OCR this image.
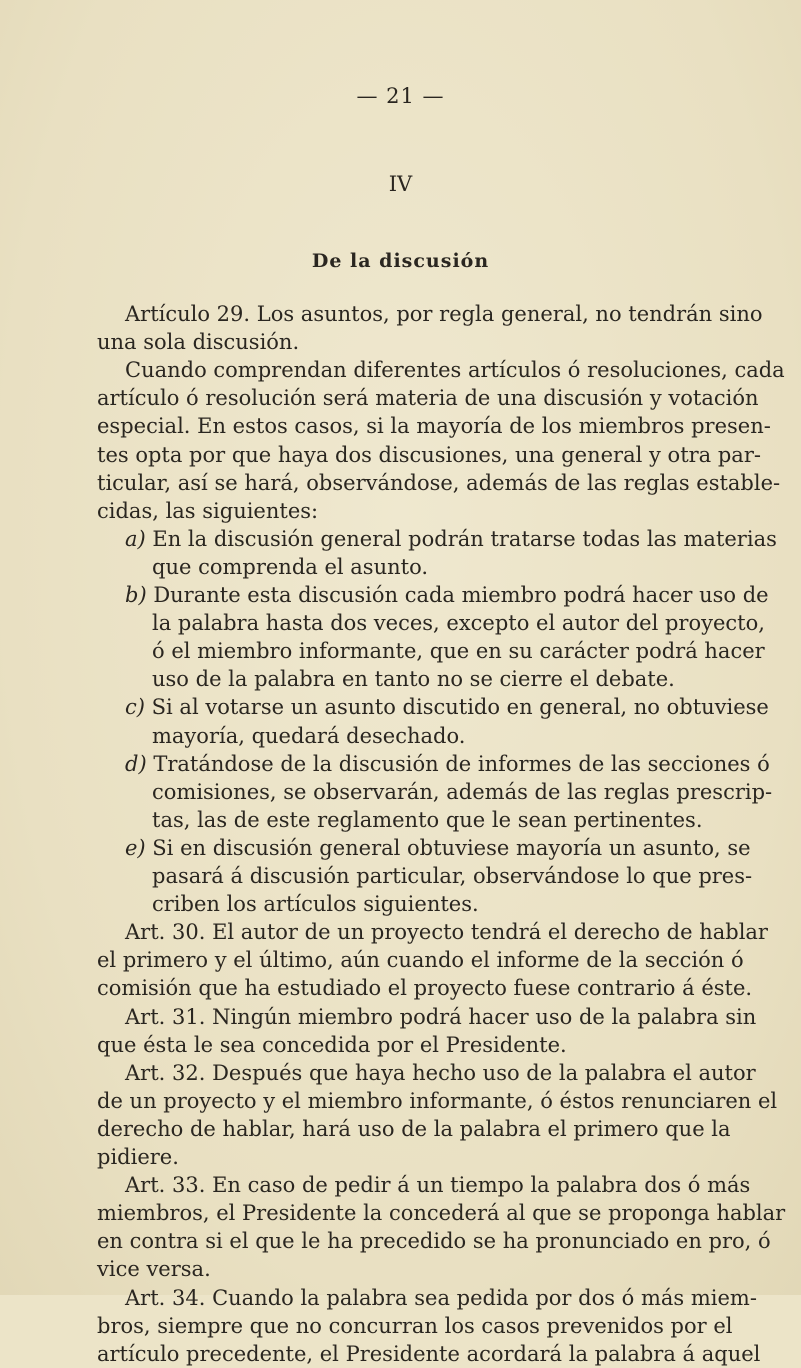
— 21 —
IV
De la discusión
Artículo 29. Los asuntos, por regla general, no tendrán sino
una sola discusión.
Cuando comprendan diferentes artículos ó resoluciones, cada
artículo ó resolución será materia de una discusión y votación
especial. En estos casos, si la mayoría de los miembros presen-
tes opta por que haya dos discusiones, una general y otra par-
ticular, así se hará, observándose, además de las reglas estable-
cidas, las siguientes:
a) En la discusión general podrán tratarse todas las materias
que comprenda el asunto.
b) Durante esta discusión cada miembro podrá hacer uso de
la palabra hasta dos veces, excepto el autor del proyecto,
ó el miembro informante, que en su carácter podrá hacer
uso de la palabra en tanto no se cierre el debate.
c) Si al votarse un asunto discutido en general, no obtuviese
mayoría, quedará desechado.
d) Tratándose de la discusión de informes de las secciones ó
comisiones, se observarán, además de las reglas prescrip-
tas, las de este reglamento que le sean pertinentes.
e) Si en discusión general obtuviese mayoría un asunto, se
pasará á discusión particular, observándose lo que pres-
criben los artículos siguientes.
Art. 30. El autor de un proyecto tendrá el derecho de hablar
el primero y el último, aún cuando el informe de la sección ó
comisión que ha estudiado el proyecto fuese contrario á éste.
Art. 31. Ningún miembro podrá hacer uso de la palabra sin
que ésta le sea concedida por el Presidente.
Art. 32. Después que haya hecho uso de la palabra el autor
de un proyecto y el miembro informante, ó éstos renunciaren el
derecho de hablar, hará uso de la palabra el primero que la
pidiere.
Art. 33. En caso de pedir á un tiempo la palabra dos ó más
miembros, el Presidente la concederá al que se proponga hablar
en contra si el que le ha precedido se ha pronunciado en pro, ó
vice versa.
Art. 34. Cuando la palabra sea pedida por dos ó más miem-
bros, siempre que no concurran los casos prevenidos por el
artículo precedente, el Presidente acordará la palabra á aquel
